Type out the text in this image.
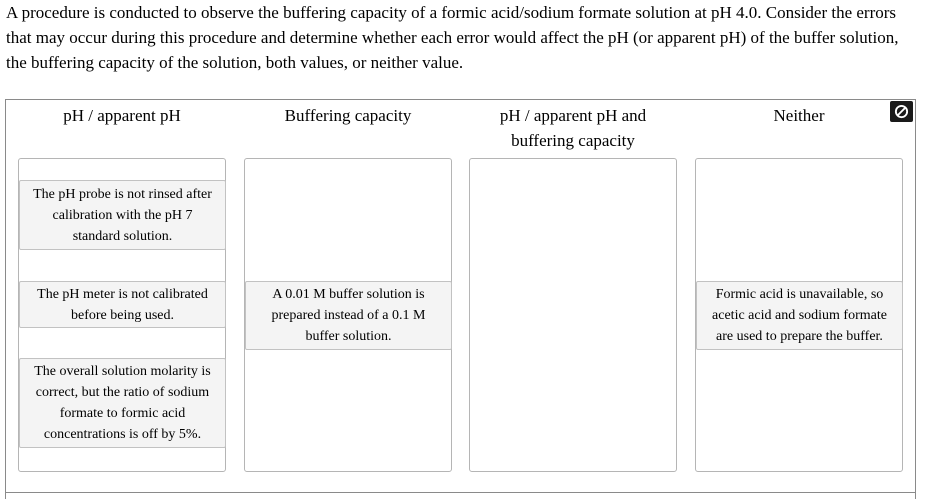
A procedure is conducted to observe the buffering capacity of a formic acid/sodium formate solution at pH 4.0. Consider the errors that may occur during this procedure and determine whether each error would affect the pH (or apparent pH) of the buffer solution, the buffering capacity of the solution, both values, or neither value.
pH / apparent pH	Buffering capacity	pH / apparent pH and buffering capacity
Neither
The pH probe is not rinsed after calibration with the pH 7 standard solution.
The pH meter is not calibrated before being used.
The overall solution molarity is correct, but the ratio of sodium formate to formic acid concentrations is off by 5%.
A 0.01 M buffer solution is prepared instead of a 0.1 M buffer solution.
Formic acid is unavailable, so acetic acid and sodium formate are used to prepare the buffer.
